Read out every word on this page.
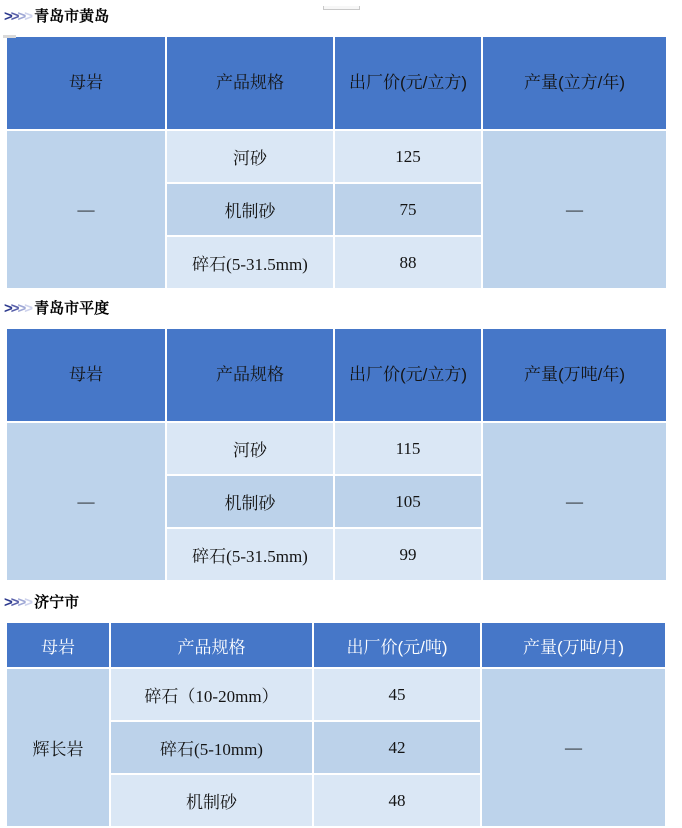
>
>
>
> 青岛市黄岛
母岩	产品规格	出厂价(元/立方)	产量(立方/年)
—	河砂	125	—
	机制砂	75	
	碎石(5-31.5mm)	88	
>
>
>
> 青岛市平度
母岩	产品规格	出厂价(元/立方)	产量(万吨/年)
—	河砂	115	—
	机制砂	105	
	碎石(5-31.5mm)	99	
>
>
>
> 济宁市
母岩	产品规格	出厂价(元/吨)	产量(万吨/月)
辉长岩	碎石（10-20mm）	45	—
	碎石(5-10mm)	42	
	机制砂	48	
